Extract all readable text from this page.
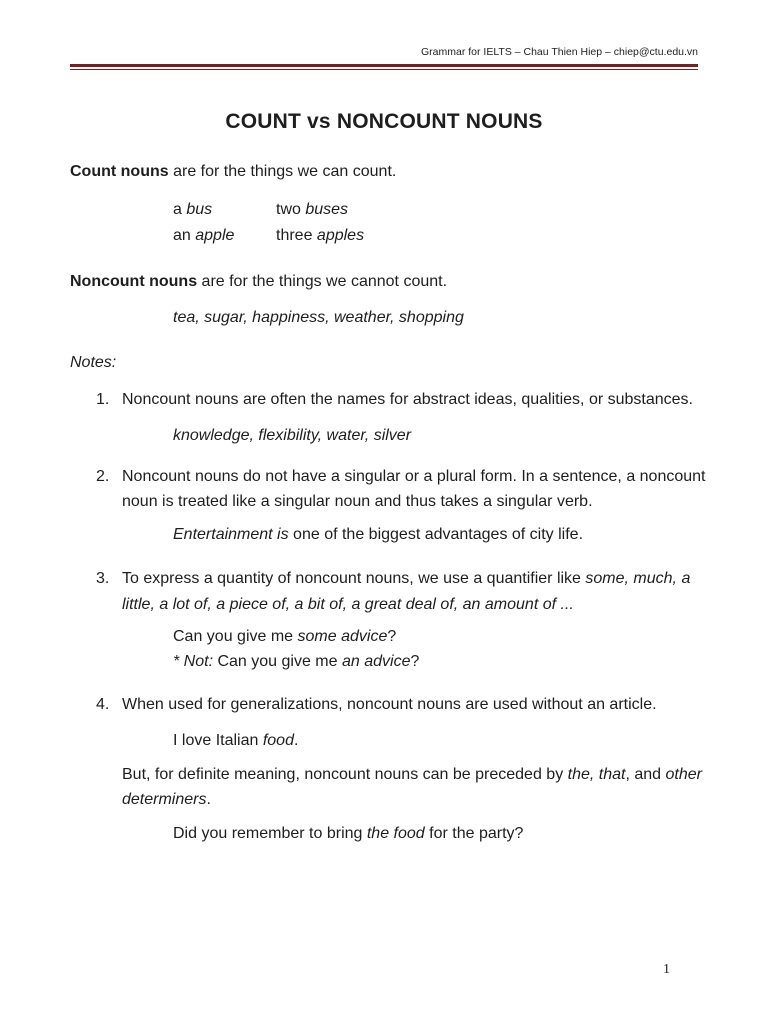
Grammar for IELTS – Chau Thien Hiep – chiep@ctu.edu.vn
COUNT vs NONCOUNT NOUNS
Count nouns are for the things we can count.
a bus	two buses
an apple	three apples
Noncount nouns are for the things we cannot count.
tea, sugar, happiness, weather, shopping
Notes:
1. Noncount nouns are often the names for abstract ideas, qualities, or substances.
knowledge, flexibility, water, silver
2. Noncount nouns do not have a singular or a plural form. In a sentence, a noncount
noun is treated like a singular noun and thus takes a singular verb.
Entertainment is one of the biggest advantages of city life.
3. To express a quantity of noncount nouns, we use a quantifier like some, much, a
little, a lot of, a piece of, a bit of, a great deal of, an amount of ...
Can you give me some advice?
* Not: Can you give me an advice?
4. When used for generalizations, noncount nouns are used without an article.
I love Italian food.
But, for definite meaning, noncount nouns can be preceded by the, that, and other
determiners.
Did you remember to bring the food for the party?
1
